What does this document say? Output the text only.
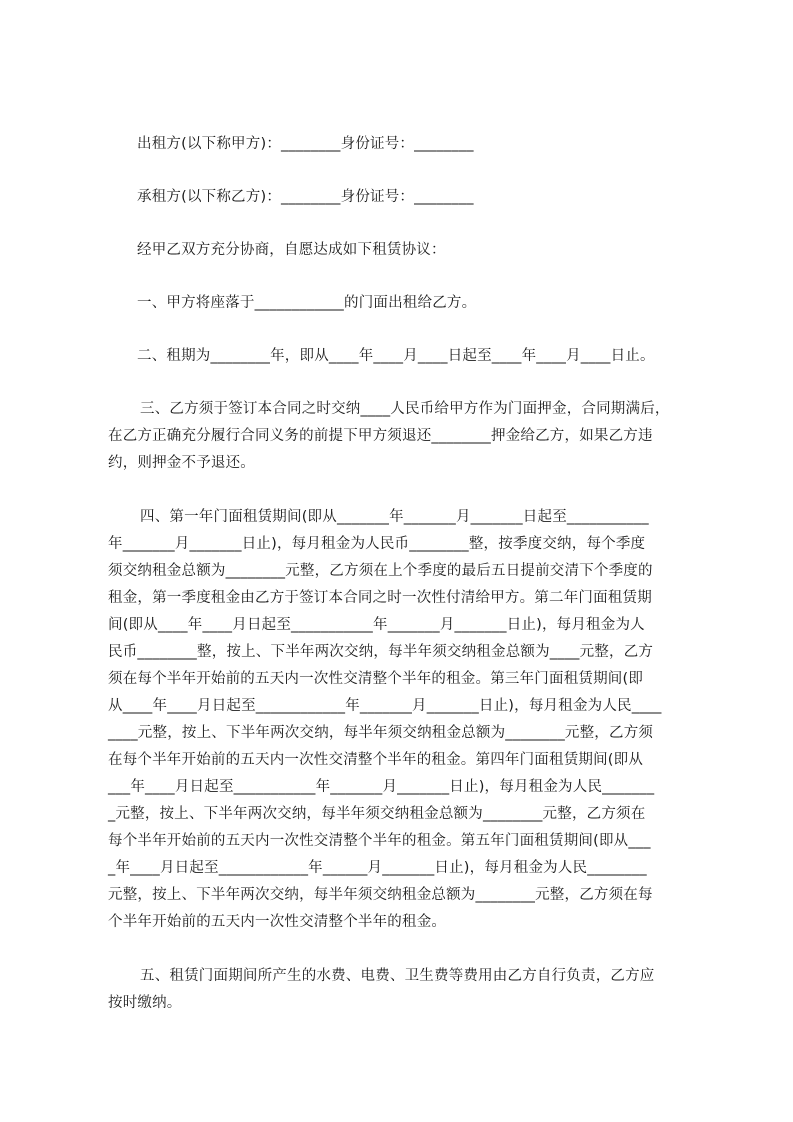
出租方(以下称甲方)：________身份证号：________

承租方(以下称乙方)：________身份证号：________

经甲乙双方充分协商，自愿达成如下租赁协议：

一、甲方将座落于____________的门面出租给乙方。

二、租期为________年，即从____年____月____日起至____年____月____日止。

三、乙方须于签订本合同之时交纳____人民币给甲方作为门面押金，合同期满后，

在乙方正确充分履行合同义务的前提下甲方须退还________押金给乙方，如果乙方违

约，则押金不予退还。

四、第一年门面租赁期间(即从_______年_______月_______日起至___________

年_______月_______日止)，每月租金为人民币________整，按季度交纳，每个季度

须交纳租金总额为________元整，乙方须在上个季度的最后五日提前交清下个季度的

租金，第一季度租金由乙方于签订本合同之时一次性付清给甲方。第二年门面租赁期

间(即从____年____月日起至___________年_______月_______日止)，每月租金为人

民币________整，按上、下半年两次交纳，每半年须交纳租金总额为____元整，乙方

须在每个半年开始前的五天内一次性交清整个半年的租金。第三年门面租赁期间(即

从____年____月日起至____________年_______月_______日止)，每月租金为人民____

____元整，按上、下半年两次交纳，每半年须交纳租金总额为________元整，乙方须

在每个半年开始前的五天内一次性交清整个半年的租金。第四年门面租赁期间(即从

___年____月日起至___________年_______月_______日止)，每月租金为人民_______

_元整，按上、下半年两次交纳，每半年须交纳租金总额为________元整，乙方须在

每个半年开始前的五天内一次性交清整个半年的租金。第五年门面租赁期间(即从___

_年____月日起至____________年______月_______日止)，每月租金为人民________

元整，按上、下半年两次交纳，每半年须交纳租金总额为________元整，乙方须在每

个半年开始前的五天内一次性交清整个半年的租金。

五、租赁门面期间所产生的水费、电费、卫生费等费用由乙方自行负责，乙方应

按时缴纳。
